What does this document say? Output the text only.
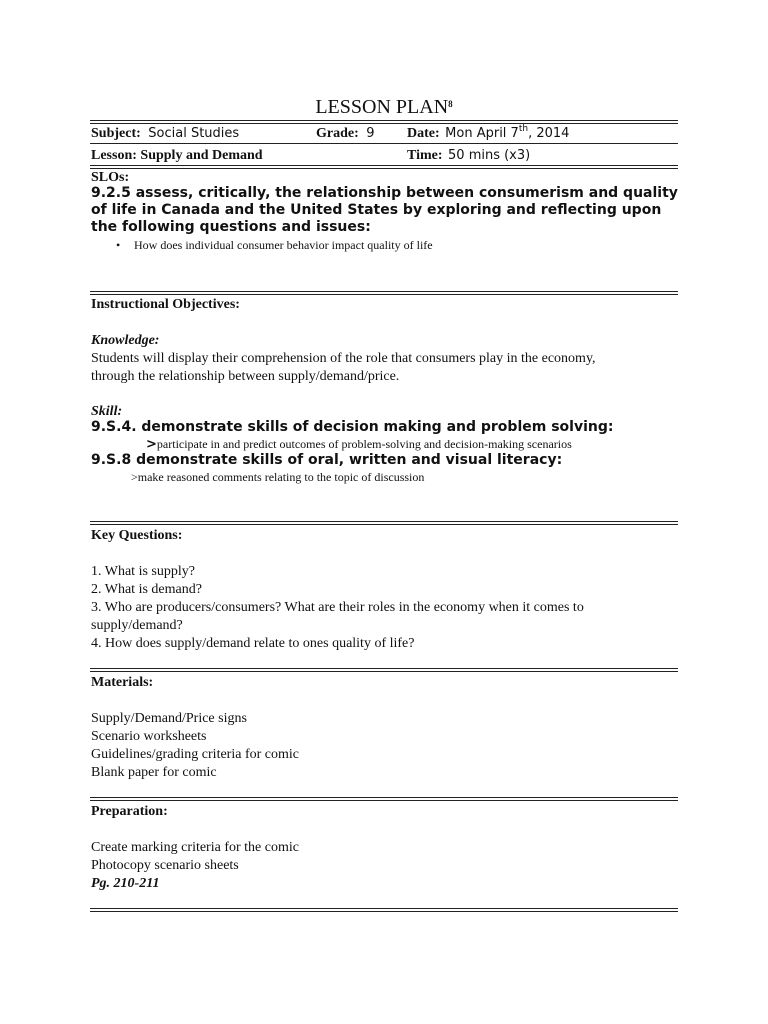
LESSON PLAN$^8$
Subject: Social Studies	Grade: 9 Date: Mon April 7th, 2014
Lesson: Supply and Demand	Time: 50 mins (x3)
SLOs:
9.2.5 assess, critically, the relationship between consumerism and quality
of life in Canada and the United States by exploring and reflecting upon
the following questions and issues:
• How does individual consumer behavior impact quality of life
Instructional Objectives:
Knowledge:
Students will display their comprehension of the role that consumers play in the economy,
through the relationship between supply/demand/price.
Skill:
9.S.4. demonstrate skills of decision making and problem solving:
>participate in and predict outcomes of problem-solving and decision-making scenarios
9.S.8 demonstrate skills of oral, written and visual literacy:
>make reasoned comments relating to the topic of discussion
Key Questions:
1. What is supply?
2. What is demand?
3. Who are producers/consumers? What are their roles in the economy when it comes to
supply/demand?
4. How does supply/demand relate to ones quality of life?
Materials:
Supply/Demand/Price signs
Scenario worksheets
Guidelines/grading criteria for comic
Blank paper for comic
Preparation:
Create marking criteria for the comic
Photocopy scenario sheets
Pg. 210-211
